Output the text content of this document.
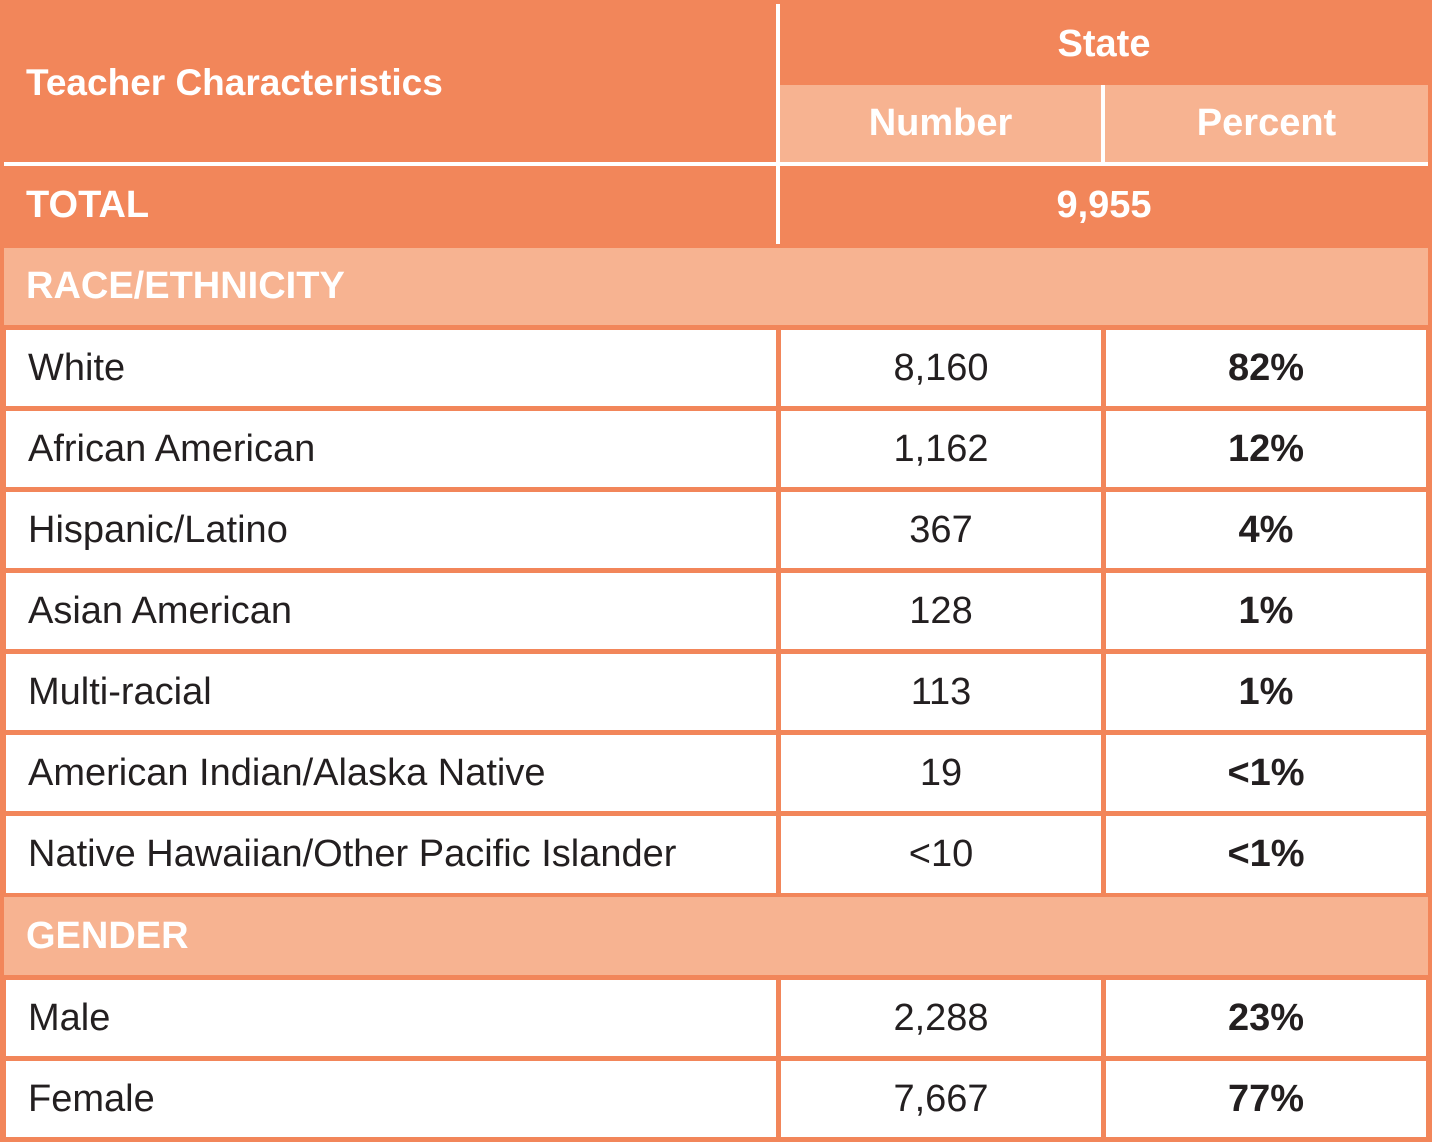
Teacher Characteristics
State
Number	Percent
TOTAL	9,955
RACE/ETHNICITY
White	8,160	82%
African American	1,162	12%
Hispanic/Latino	367	4%
Asian American	128	1%
Multi-racial	113	1%
American Indian/Alaska Native	19	<1%
Native Hawaiian/Other Pacific Islander	<10	<1%
GENDER
Male	2,288	23%
Female	7,667	77%
